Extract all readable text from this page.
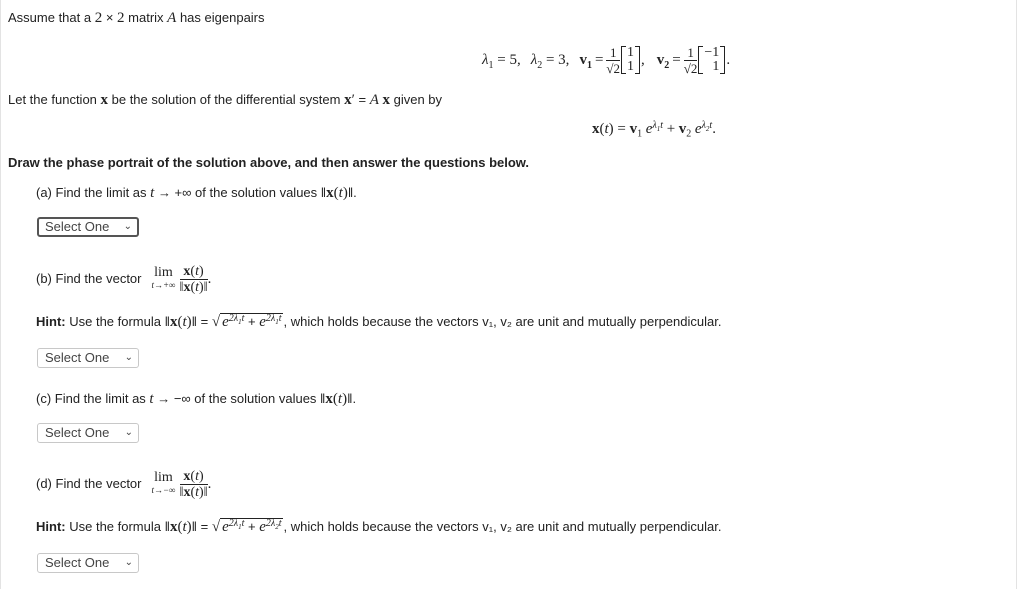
Assume that a 2 × 2 matrix A has eigenpairs
$\lambda_1 = 5$, $\lambda_2 = 3$, $v_1 = \frac{1}{√2} 1$
1 , $v_2 = \frac{1}{√2} -1$
1 .
Let the function x be the solution of the differential system x′ = A x given by
$x(t) = v_1$ $e^{\lambda_1t} + v_2$ $e^{\lambda_2t}$.
Draw the phase portrait of the solution above, and then answer the questions below.
(a) Find the limit as t → +∞ of the solution values ‖x(t)‖.
Select One ⌄
(b) Find the vector lim
$t\to+\infty \frac{x(t)}{‖x(t)‖}$ .
Hint: Use the formula ‖x(t)‖ = √ $e^{2\lambda_1t} + e^{2\lambda_1t}$ , which holds because the vectors v₁, v₂ are unit and mutually perpendicular.
Select One ⌄
(c) Find the limit as t → −∞ of the solution values ‖x(t)‖.
Select One ⌄
(d) Find the vector lim
$t\to-\infty \frac{x(t)}{‖x(t)‖}$ .
Hint: Use the formula ‖x(t)‖ = √ $e^{2\lambda_1t} + e^{2\lambda_2t}$ , which holds because the vectors v₁, v₂ are unit and mutually perpendicular.
Select One ⌄
